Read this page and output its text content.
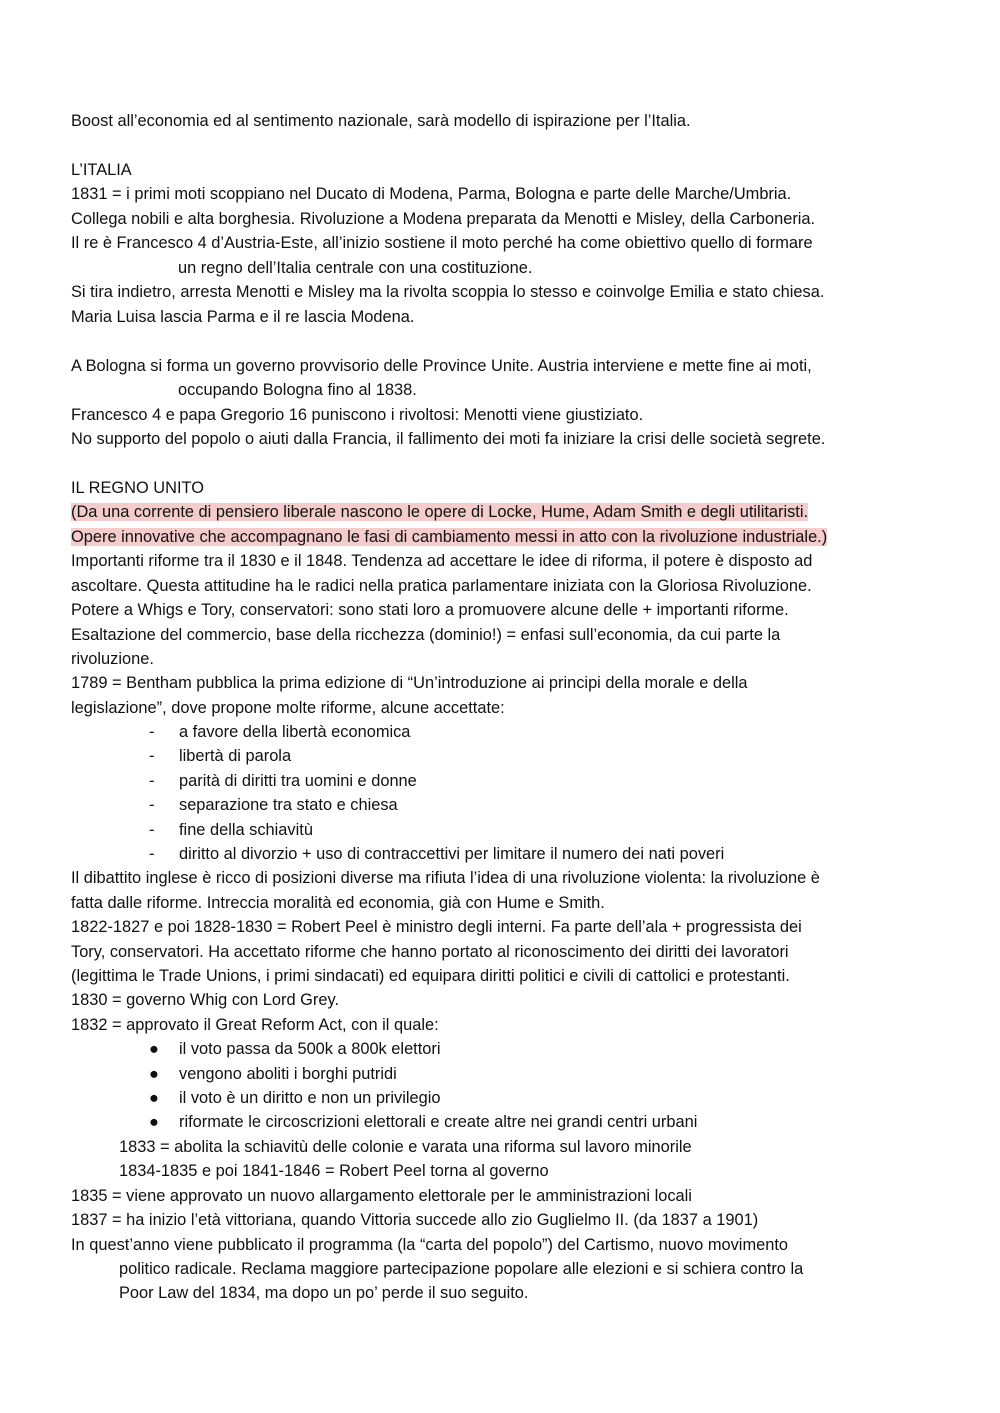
Boost all’economia ed al sentimento nazionale, sarà modello di ispirazione per l’Italia.
L’ITALIA
1831 = i primi moti scoppiano nel Ducato di Modena, Parma, Bologna e parte delle Marche/Umbria.
Collega nobili e alta borghesia. Rivoluzione a Modena preparata da Menotti e Misley, della Carboneria.
Il re è Francesco 4 d’Austria-Este, all’inizio sostiene il moto perché ha come obiettivo quello di formare
un regno dell’Italia centrale con una costituzione.
Si tira indietro, arresta Menotti e Misley ma la rivolta scoppia lo stesso e coinvolge Emilia e stato chiesa.
Maria Luisa lascia Parma e il re lascia Modena.
A Bologna si forma un governo provvisorio delle Province Unite. Austria interviene e mette fine ai moti,
occupando Bologna fino al 1838.
Francesco 4 e papa Gregorio 16 puniscono i rivoltosi: Menotti viene giustiziato.
No supporto del popolo o aiuti dalla Francia, il fallimento dei moti fa iniziare la crisi delle società segrete.
IL REGNO UNITO
(Da una corrente di pensiero liberale nascono le opere di Locke, Hume, Adam Smith e degli utilitaristi.
Opere innovative che accompagnano le fasi di cambiamento messi in atto con la rivoluzione industriale.)
Importanti riforme tra il 1830 e il 1848. Tendenza ad accettare le idee di riforma, il potere è disposto ad
ascoltare. Questa attitudine ha le radici nella pratica parlamentare iniziata con la Gloriosa Rivoluzione.
Potere a Whigs e Tory, conservatori: sono stati loro a promuovere alcune delle + importanti riforme.
Esaltazione del commercio, base della ricchezza (dominio!) = enfasi sull’economia, da cui parte la
rivoluzione.
1789 = Bentham pubblica la prima edizione di “Un’introduzione ai principi della morale e della
legislazione”, dove propone molte riforme, alcune accettate:
- a favore della libertà economica
- libertà di parola
- parità di diritti tra uomini e donne
- separazione tra stato e chiesa
- fine della schiavitù
- diritto al divorzio + uso di contraccettivi per limitare il numero dei nati poveri
Il dibattito inglese è ricco di posizioni diverse ma rifiuta l’idea di una rivoluzione violenta: la rivoluzione è
fatta dalle riforme. Intreccia moralità ed economia, già con Hume e Smith.
1822-1827 e poi 1828-1830 = Robert Peel è ministro degli interni. Fa parte dell’ala + progressista dei
Tory, conservatori. Ha accettato riforme che hanno portato al riconoscimento dei diritti dei lavoratori
(legittima le Trade Unions, i primi sindacati) ed equipara diritti politici e civili di cattolici e protestanti.
1830 = governo Whig con Lord Grey.
1832 = approvato il Great Reform Act, con il quale:
● il voto passa da 500k a 800k elettori
● vengono aboliti i borghi putridi
● il voto è un diritto e non un privilegio
● riformate le circoscrizioni elettorali e create altre nei grandi centri urbani
1833 = abolita la schiavitù delle colonie e varata una riforma sul lavoro minorile
1834-1835 e poi 1841-1846 = Robert Peel torna al governo
1835 = viene approvato un nuovo allargamento elettorale per le amministrazioni locali
1837 = ha inizio l’età vittoriana, quando Vittoria succede allo zio Guglielmo II. (da 1837 a 1901)
In quest’anno viene pubblicato il programma (la “carta del popolo”) del Cartismo, nuovo movimento
politico radicale. Reclama maggiore partecipazione popolare alle elezioni e si schiera contro la
Poor Law del 1834, ma dopo un po’ perde il suo seguito.
